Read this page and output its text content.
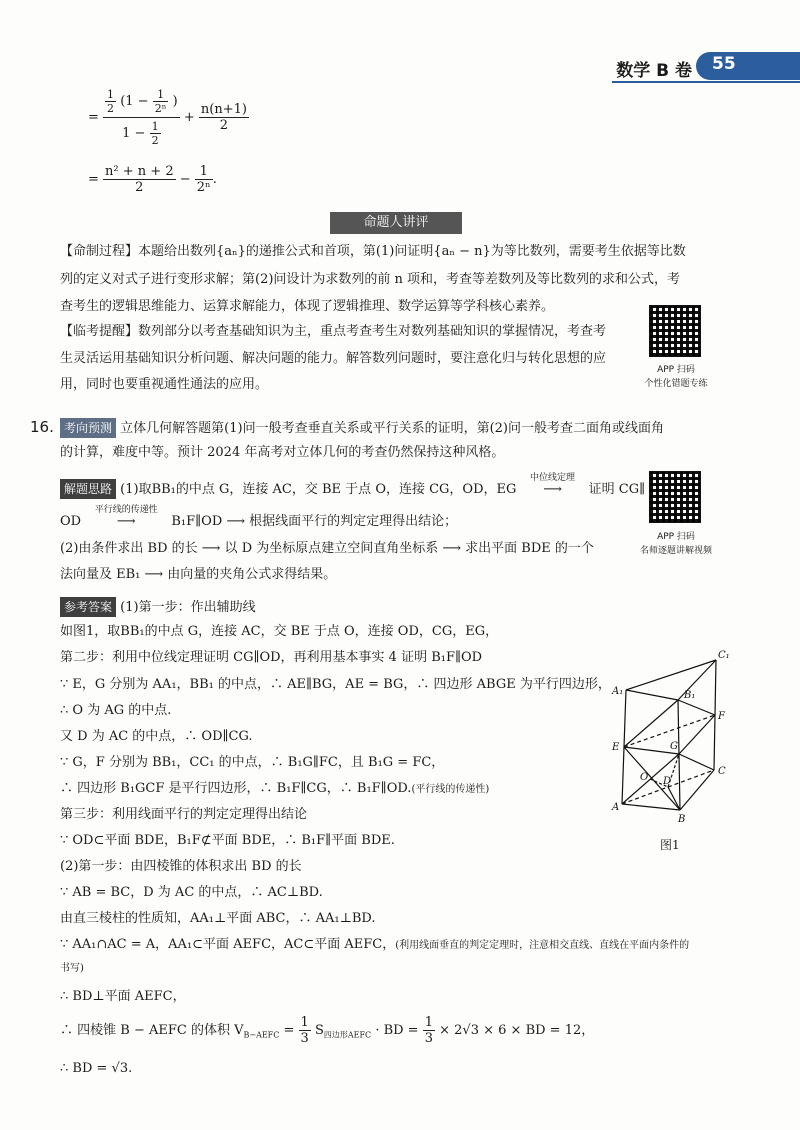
数学 B 卷 55
= $\frac{\frac{1}{2} (1 - \frac{1}{\text{2ⁿ}} )}{1 - \frac{1}{2}} + \frac{n(n+1)}{2}$
= $\frac{\text{n² + n + 2}}{2} - \frac{1}{\text{2ⁿ}}$ .
命题人讲评
【命制过程】本题给出数列{aₙ}的递推公式和首项，第(1)问证明{aₙ − n}为等比数列，需要考生依据等比数
列的定义对式子进行变形求解；第(2)问设计为求数列的前 n 项和，考查等差数列及等比数列的求和公式，考
查考生的逻辑思维能力、运算求解能力，体现了逻辑推理、数学运算等学科核心素养。
【临考提醒】数列部分以考查基础知识为主，重点考查考生对数列基础知识的掌握情况，考查考
生灵活运用基础知识分析问题、解决问题的能力。解答数列问题时，要注意化归与转化思想的应
用，同时也要重视通性通法的应用。
APP 扫码
个性化错题专练
16. 考向预测 立体几何解答题第(1)问一般考查垂直关系或平行关系的证明，第(2)问一般考查二面角或线面角
的计算，难度中等。预计 2024 年高考对立体几何的考查仍然保持这种风格。
解题思路 (1)取BB₁的中点 G，连接 AC，交 BE 于点 O，连接 CG，OD，EG
中位线定理
⟶ 证明 CG∥
OD
平行线的传递性
⟶	B₁F∥OD ⟶ 根据线面平行的判定定理得出结论；
(2)由条件求出 BD 的长 ⟶ 以 D 为坐标原点建立空间直角坐标系 ⟶ 求出平面 BDE 的一个
法向量及 EB₁ ⟶ 由向量的夹角公式求得结果。
APP 扫码
名师逐题讲解视频
参考答案 (1)第一步：作出辅助线
如图1，取BB₁的中点 G，连接 AC，交 BE 于点 O，连接 OD，CG，EG，
第二步：利用中位线定理证明 CG∥OD，再利用基本事实 4 证明 B₁F∥OD
∵ E，G 分别为 AA₁，BB₁ 的中点，∴ AE∥BG，AE = BG，∴ 四边形 ABGE 为平行四边形，
∴ O 为 AG 的中点.
又 D 为 AC 的中点，∴ OD∥CG.
∵ G，F 分别为 BB₁，CC₁ 的中点，∴ B₁G∥FC，且 B₁G = FC，
∴ 四边形 B₁GCF 是平行四边形，∴ B₁F∥CG，∴ B₁F∥OD.(平行线的传递性)
第三步：利用线面平行的判定定理得出结论
∵ OD⊂平面 BDE，B₁F⊄平面 BDE，∴ B₁F∥平面 BDE.
(2)第一步：由四棱锥的体积求出 BD 的长
∵ AB = BC，D 为 AC 的中点，∴ AC⊥BD.
由直三棱柱的性质知，AA₁⊥平面 ABC，∴ AA₁⊥BD.
∵ AA₁∩AC = A，AA₁⊂平面 AEFC，AC⊂平面 AEFC，(利用线面垂直的判定定理时，注意相交直线、直线在平面内条件的
书写)
∴ BD⊥平面 AEFC，
∴ 四棱锥 B − AEFC 的体积 $V_{B-AEFC} = \frac{1}{3} S_{四边形AEFC}$ · BD = $\frac{1}{3} \times 2√3 \times 6$ × BD = 12，
∴ BD = √3.
C₁
A₁	B₁
F
E	G
O D
C
A
B
图1
